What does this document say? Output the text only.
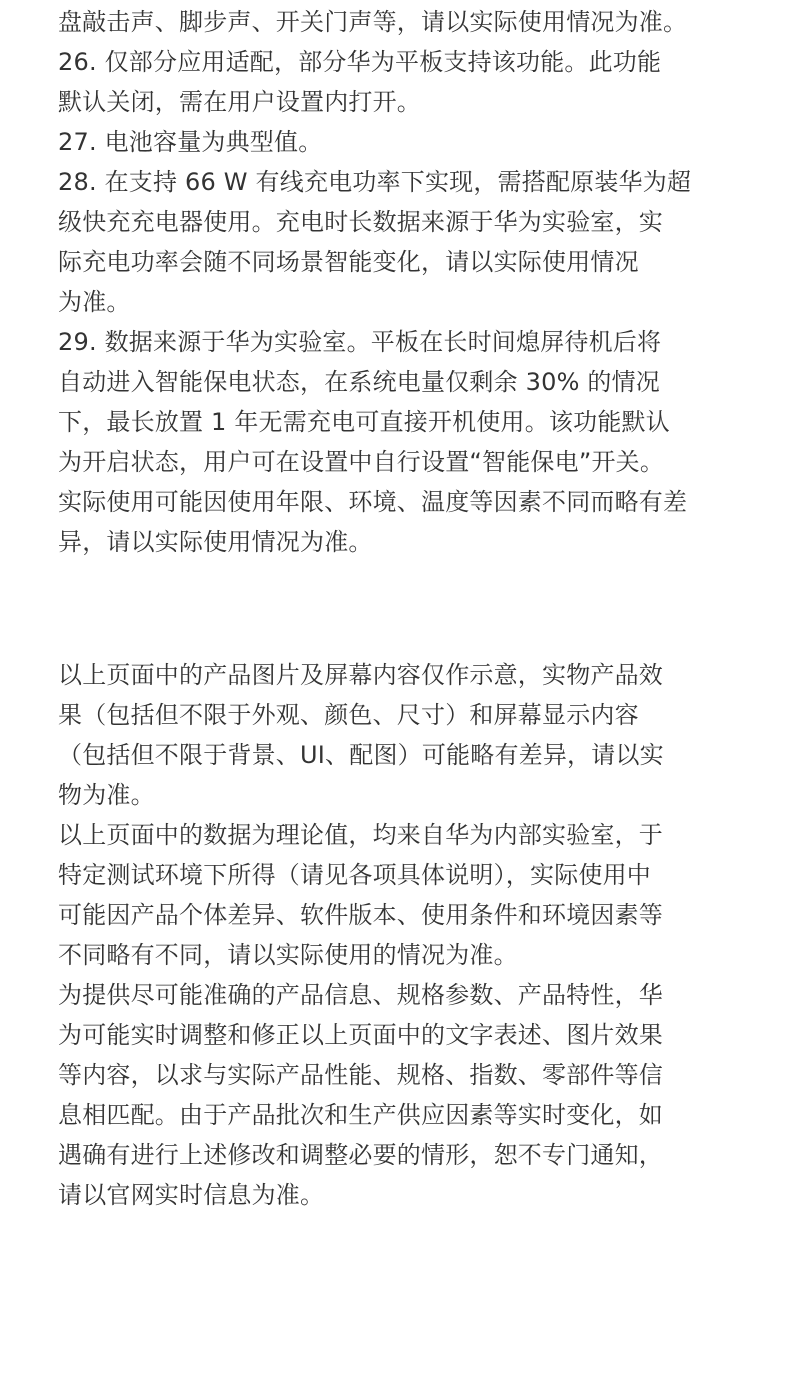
盘敲击声、脚步声、开关门声等，请以实际使用情况为准。
26. 仅部分应用适配，部分华为平板支持该功能。此功能
默认关闭，需在用户设置内打开。
27. 电池容量为典型值。
28. 在支持 66 W 有线充电功率下实现，需搭配原装华为超
级快充充电器使用。充电时长数据来源于华为实验室，实
际充电功率会随不同场景智能变化，请以实际使用情况
为准。
29. 数据来源于华为实验室。平板在长时间熄屏待机后将
自动进入智能保电状态，在系统电量仅剩余 30% 的情况
下，最长放置 1 年无需充电可直接开机使用。该功能默认
为开启状态，用户可在设置中自行设置“智能保电”开关。
实际使用可能因使用年限、环境、温度等因素不同而略有差
异，请以实际使用情况为准。
以上页面中的产品图片及屏幕内容仅作示意，实物产品效
果（包括但不限于外观、颜色、尺寸）和屏幕显示内容
（包括但不限于背景、UI、配图）可能略有差异，请以实
物为准。
以上页面中的数据为理论值，均来自华为内部实验室，于
特定测试环境下所得（请见各项具体说明），实际使用中
可能因产品个体差异、软件版本、使用条件和环境因素等
不同略有不同，请以实际使用的情况为准。
为提供尽可能准确的产品信息、规格参数、产品特性，华
为可能实时调整和修正以上页面中的文字表述、图片效果
等内容，以求与实际产品性能、规格、指数、零部件等信
息相匹配。由于产品批次和生产供应因素等实时变化，如
遇确有进行上述修改和调整必要的情形，恕不专门通知，
请以官网实时信息为准。
